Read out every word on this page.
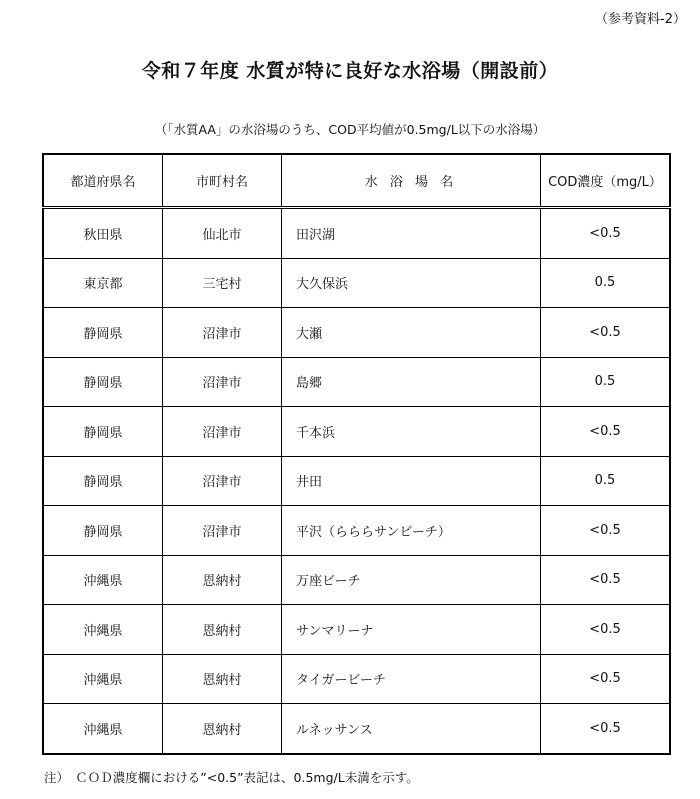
（参考資料-2）
令和７年度 水質が特に良好な水浴場（開設前）
（「水質AA」の水浴場のうち、COD平均値が0.5mg/L以下の水浴場）
都道府県名	市町村名	水 浴 場 名	COD濃度（mg/L）
秋田県	仙北市	田沢湖	<0.5
東京都	三宅村	大久保浜	0.5
静岡県	沼津市	大瀬	<0.5
静岡県	沼津市	島郷	0.5
静岡県	沼津市	千本浜	<0.5
静岡県	沼津市	井田	0.5
静岡県	沼津市	平沢（らららサンビーチ）	<0.5
沖縄県	恩納村	万座ビーチ	<0.5
沖縄県	恩納村	サンマリーナ	<0.5
沖縄県	恩納村	タイガービーチ	<0.5
沖縄県	恩納村	ルネッサンス	<0.5
注）　ＣＯＤ濃度欄における”<0.5”表記は、0.5mg/L未満を示す。
